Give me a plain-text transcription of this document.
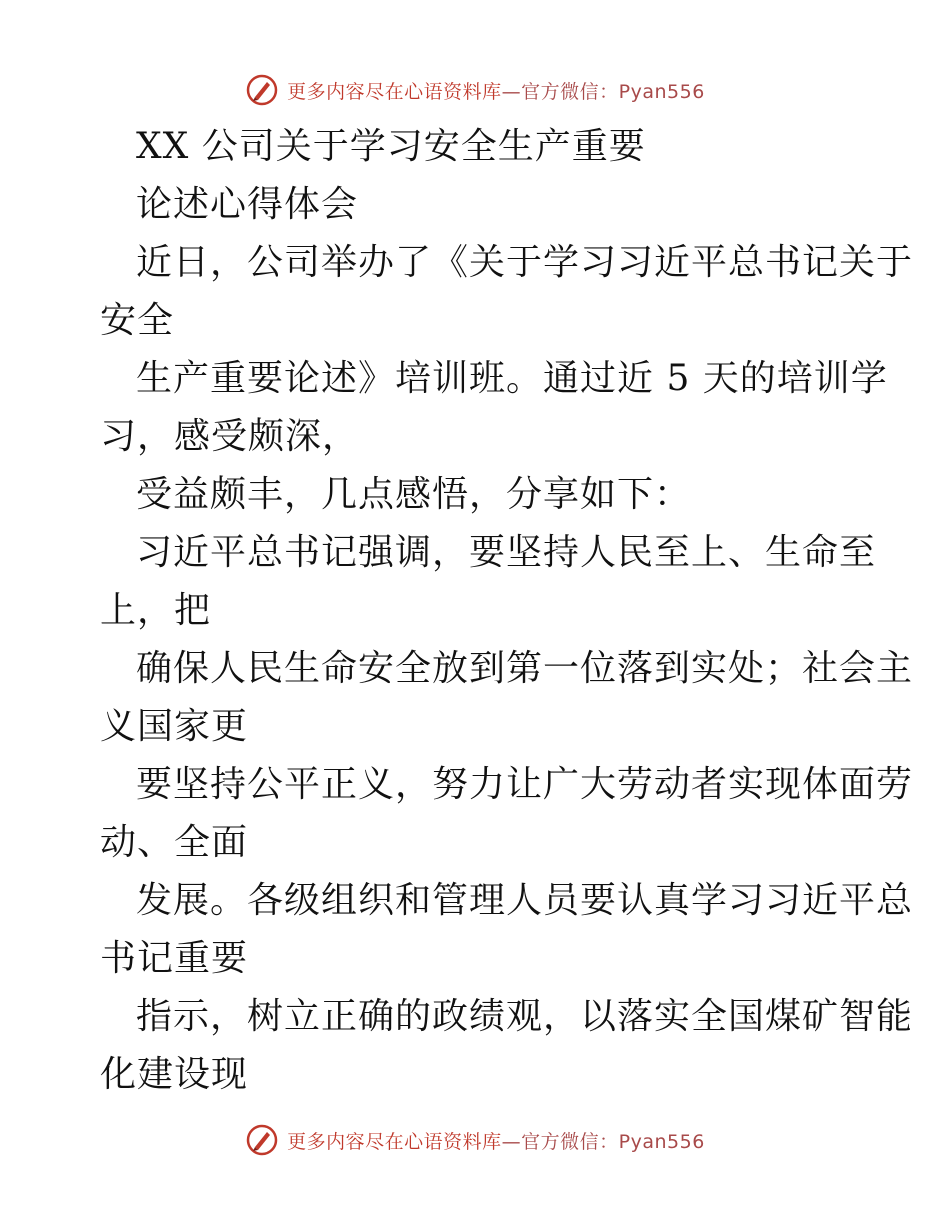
更多内容尽在心语资料库—官方微信：Pyan556
XX 公司关于学习安全生产重要
论述心得体会
近日，公司举办了《关于学习习近平总书记关于
安全
生产重要论述》培训班。通过近 5 天的培训学
习，感受颇深，
受益颇丰，几点感悟，分享如下：
习近平总书记强调，要坚持人民至上、生命至
上，把
确保人民生命安全放到第一位落到实处；社会主
义国家更
要坚持公平正义，努力让广大劳动者实现体面劳
动、全面
发展。各级组织和管理人员要认真学习习近平总
书记重要
指示，树立正确的政绩观，以落实全国煤矿智能
化建设现
更多内容尽在心语资料库—官方微信：Pyan556
